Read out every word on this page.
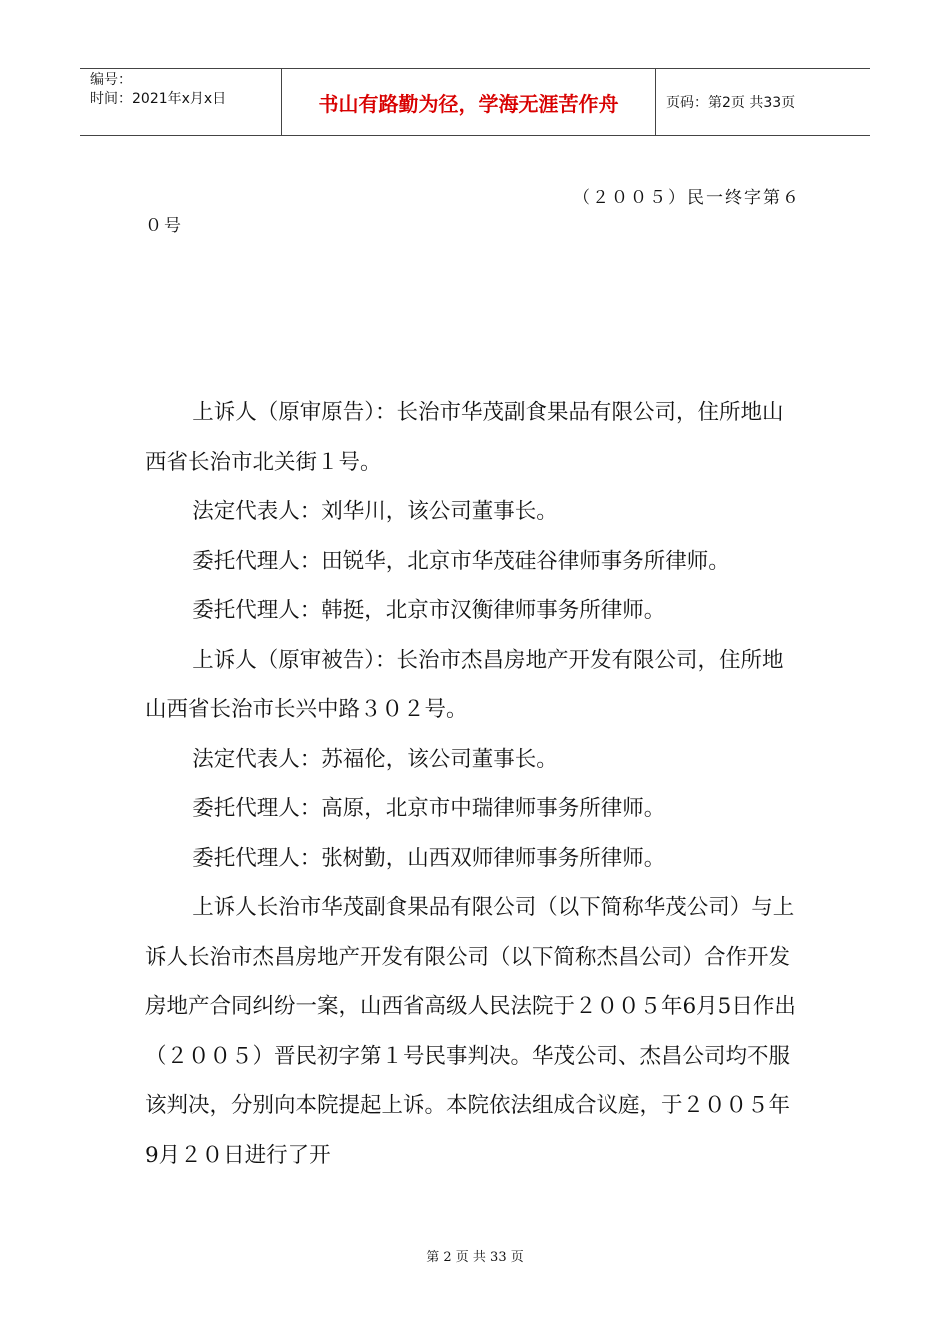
编号：
时间：2021年x月x日	书山有路勤为径，学海无涯苦作舟	页码：第2页 共33页
（２００５）民一终字第６
０号

上诉人（原审原告）：长治市华茂副食果品有限公司，住所地山西省长治市北关街１号。

法定代表人：刘华川，该公司董事长。

委托代理人：田锐华，北京市华茂硅谷律师事务所律师。

委托代理人：韩挺，北京市汉衡律师事务所律师。

上诉人（原审被告）：长治市杰昌房地产开发有限公司，住所地山西省长治市长兴中路３０２号。

法定代表人：苏福伦，该公司董事长。

委托代理人：高原，北京市中瑞律师事务所律师。

委托代理人：张树勤，山西双师律师事务所律师。

上诉人长治市华茂副食果品有限公司（以下简称华茂公司）与上诉人长治市杰昌房地产开发有限公司（以下简称杰昌公司）合作开发房地产合同纠纷一案，山西省高级人民法院于２００５年6月5日作出（２００５）晋民初字第１号民事判决。华茂公司、杰昌公司均不服该判决，分别向本院提起上诉。本院依法组成合议庭，于２００５年9月２０日进行了开

第 2 页 共 33 页
